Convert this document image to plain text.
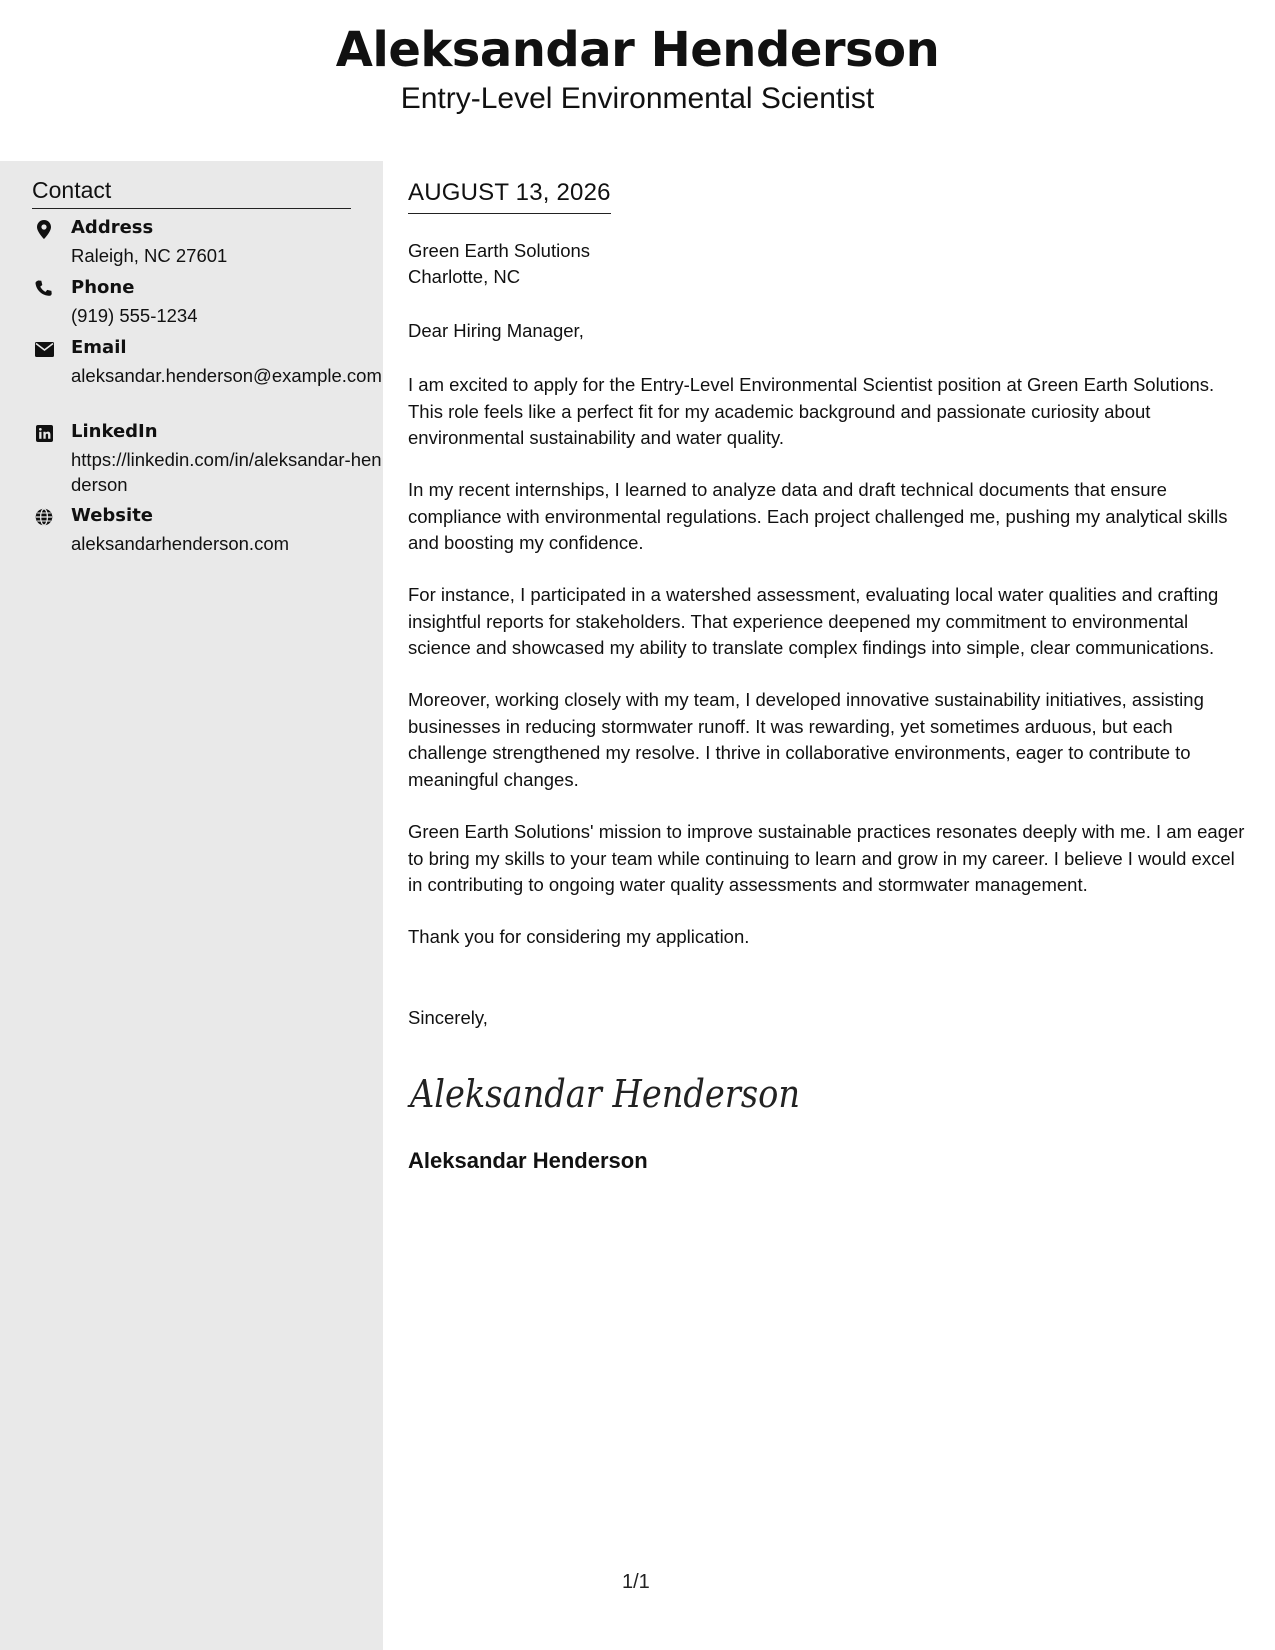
Aleksandar Henderson
Entry-Level Environmental Scientist
Contact
Address
Raleigh, NC 27601
Phone
(919) 555-1234
Email
aleksandar.henderson@example.com
LinkedIn
https://linkedin.com/in/aleksandar-henderson
Website
aleksandarhenderson.com
AUGUST 13, 2026
Green Earth Solutions
Charlotte, NC
Dear Hiring Manager,

I am excited to apply for the Entry-Level Environmental Scientist position at Green Earth Solutions. This role feels like a perfect fit for my academic background and passionate curiosity about environmental sustainability and water quality.

In my recent internships, I learned to analyze data and draft technical documents that ensure compliance with environmental regulations. Each project challenged me, pushing my analytical skills and boosting my confidence.

For instance, I participated in a watershed assessment, evaluating local water qualities and crafting insightful reports for stakeholders. That experience deepened my commitment to environmental science and showcased my ability to translate complex findings into simple, clear communications.

Moreover, working closely with my team, I developed innovative sustainability initiatives, assisting businesses in reducing stormwater runoff. It was rewarding, yet sometimes arduous, but each challenge strengthened my resolve. I thrive in collaborative environments, eager to contribute to meaningful changes.

Green Earth Solutions' mission to improve sustainable practices resonates deeply with me. I am eager to bring my skills to your team while continuing to learn and grow in my career. I believe I would excel in contributing to ongoing water quality assessments and stormwater management.

Thank you for considering my application.

Sincerely,
Aleksandar Henderson
Aleksandar Henderson
1/1
